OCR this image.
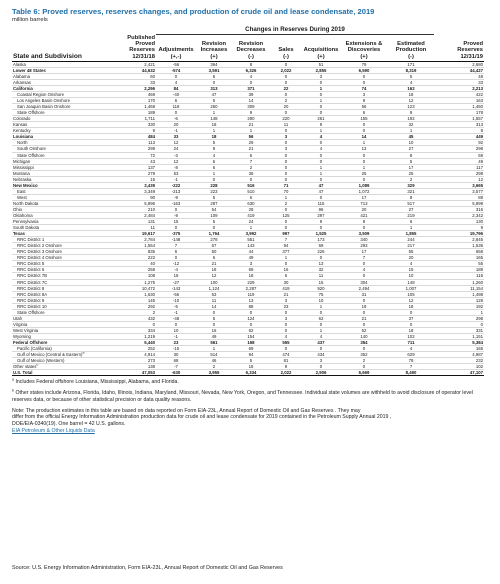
Table 6: Proved reserves, reserves changes, and production of crude oil and lease condensate, 2019
million barrels
		Changes in Reserves During 2019							
State and Subdivision	Published
Proved
Reserves
12/31/18	Adjustments
(+,-)	Revision
Increases
(+)	Revision
Decreases
(-)	Sales
(-)	Acquisitions
(+)	Extensions &
Discoveries
(+)	Estimated
Production
(-)	Proved
Reserves
12/31/19
Alaska	2,421	-56	364	8	0	51	79	171	2,680
Lower 48 States	44,632	-574	3,591	6,326	2,022	2,855	6,590	8,319	44,427
Alabama	60	0	6	4	0	3	0	5	48
Arkansas	33	4	0	0	0	0	0	4	33
California	2,296	84	313	371	22	1	74	162	2,213
Coastal Region Onshore	469	-40	47	39	0	0	3	18	422
Los Angeles Basin Onshore	170	6	5	14	2	1	9	12	163
San Joaquin Basin Onshore	1,468	118	260	309	20	0	56	123	1,450
State Offshore	189	0	1	9	0	0	6	9	178
Colorado	1,711	-6	148	290	220	251	155	192	1,557
Kansas	330	20	18	21	11	9	0	32	313
Kentucky	9	-1	1	1	0	1	0	1	8
Louisiana	484	33	18	56	3	4	14	45	449
North	113	12	5	29	0	0	1	10	92
South Onshore	299	24	9	21	3	4	13	27	298
State Offshore	72	-3	4	6	0	0	0	8	59
Michigan	43	12	6	7	0	0	0	5	49
Mississippi	137	-8	6	2	0	1	1	17	117
Montana	279	53	1	36	0	1	25	25	298
Nebraska	15	-1	0	0	0	0	0	2	12
New Mexico	3,439	-222	228	516	71	47	1,089	329	3,665
East	3,349	-213	223	510	70	47	1,072	321	3,577
West	90	-9	5	6	1	0	17	8	88
North Dakota	5,896	-163	287	630	2	115	713	517	5,899
Ohio	210	0	54	28	0	96	20	27	316
Oklahoma	2,484	-9	109	419	125	297	421	219	2,342
Pennsylvania	131	15	5	24	0	9	8	6	130
South Dakota	11	0	0	1	0	0	0	1	9
Texas	19,617	-375	1,764	3,992	997	1,525	3,509	1,855	19,796
RRC District 1	2,784	-148	278	551	7	173	340	244	2,845
RRC District 2 Onshore	1,554	7	67	143	94	69	293	217	1,536
RRC District 3 Onshore	835	6	50	44	377	226	17	55	658
RRC District 4 Onshore	222	0	6	49	1	0	7	20	165
RRC District 5	40	-12	21	3	0	13	0	4	55
RRC District 6	258	-4	18	68	16	32	4	15	189
RRC District 7B	108	18	12	18	6	11	0	10	115
RRC District 7C	1,275	-27	100	229	30	15	304	148	1,260
RRC District 8	10,472	-143	1,124	2,287	419	920	2,494	1,007	11,154
RRC District 8A	1,630	-56	63	119	21	75	31	105	1,498
RRC District 9	145	-10	11	13	3	10	0	12	128
RRC District 10	292	-5	14	88	23	1	19	18	192
State Offshore	2	-1	0	0	0	0	0	0	1
Utah	432	-48	5	124	3	62	21	37	298
Virginia	0	0	0	0	0	0	0	0	0
West Virginia	334	10	16	62	0	1	52	18	331
Wyoming	1,219	-1	49	154	4	4	140	102	1,151
Federal Offshore	5,440	23	561	168	555	437	354	711	5,384
Pacific (California)	252	-15	1	69	0	0	0	4	165
Gulf of Mexico (Central & Eastern)$^a$	4,914	30	514	94	474	434	352	629	4,987
Gulf of Mexico (Western)	273	68	46	5	81	3	2	78	232
Other states$^b$	138	-7	2	18	9	0	0	7	102
U.S. Total	47,053	-630	3,955	6,334	2,022	2,906	6,669	8,490	47,107

$^a$ Includes Federal offshore Louisiana, Mississippi, Alabama, and Florida.

$^b$ Other states include Arizona, Florida, Idaho, Illinois, Indiana, Maryland, Missouri, Nevada, New York, Oregon, and Tennessee. Individual state volumes are withheld to avoid disclosure of operator level reserves data, or because of other statistical precision or data quality reasons.

Note: The production estimates in this table are based on data reported on Form EIA-23L, Annual Report of Domestic Oil and Gas Reserves . They may
differ from the official Energy Information Administration production data for crude oil and lease condensate for 2019 contained in the Petroleum Supply Annual 2019 ,
DOE/EIA-0340(19). One barrel = 42 U.S. gallons.
EIA Petroleum & Other Liquids Data

Source: U.S. Energy Information Administration, Form EIA-23L, Annual Report of Domestic Oil and Gas Reserves
